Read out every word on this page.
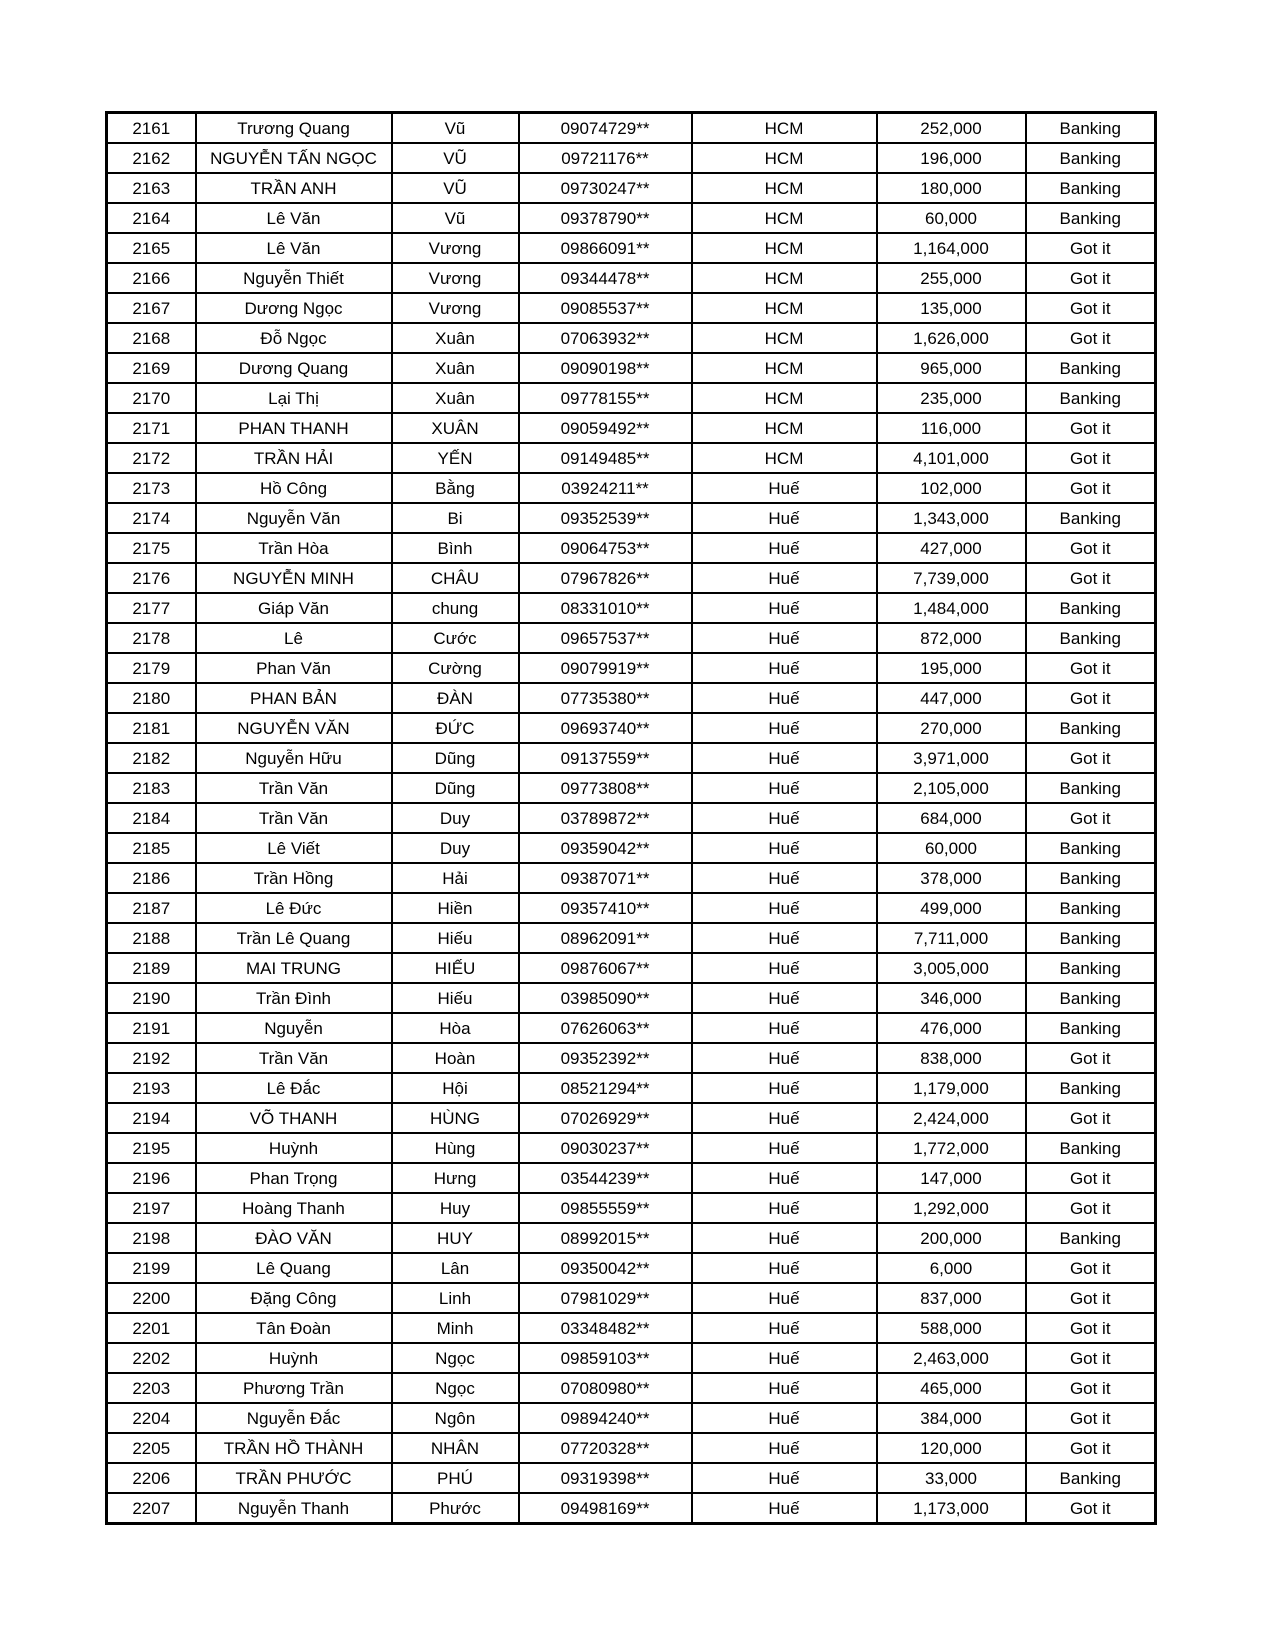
2161	Trương Quang	Vũ	09074729**	HCM	252,000	Banking
2162	NGUYỄN TẤN NGỌC	VŨ	09721176**	HCM	196,000	Banking
2163	TRẦN ANH	VŨ	09730247**	HCM	180,000	Banking
2164	Lê Văn	Vũ	09378790**	HCM	60,000	Banking
2165	Lê Văn	Vương	09866091**	HCM	1,164,000	Got it
2166	Nguyễn Thiết	Vương	09344478**	HCM	255,000	Got it
2167	Dương Ngọc	Vương	09085537**	HCM	135,000	Got it
2168	Đỗ Ngọc	Xuân	07063932**	HCM	1,626,000	Got it
2169	Dương Quang	Xuân	09090198**	HCM	965,000	Banking
2170	Lại Thị	Xuân	09778155**	HCM	235,000	Banking
2171	PHAN THANH	XUÂN	09059492**	HCM	116,000	Got it
2172	TRẦN HẢI	YẾN	09149485**	HCM	4,101,000	Got it
2173	Hồ Công	Bằng	03924211**	Huế	102,000	Got it
2174	Nguyễn Văn	Bi	09352539**	Huế	1,343,000	Banking
2175	Trần Hòa	Bình	09064753**	Huế	427,000	Got it
2176	NGUYỄN MINH	CHÂU	07967826**	Huế	7,739,000	Got it
2177	Giáp Văn	chung	08331010**	Huế	1,484,000	Banking
2178	Lê	Cước	09657537**	Huế	872,000	Banking
2179	Phan Văn	Cường	09079919**	Huế	195,000	Got it
2180	PHAN BẢN	ĐÀN	07735380**	Huế	447,000	Got it
2181	NGUYỄN VĂN	ĐỨC	09693740**	Huế	270,000	Banking
2182	Nguyễn Hữu	Dũng	09137559**	Huế	3,971,000	Got it
2183	Trần Văn	Dũng	09773808**	Huế	2,105,000	Banking
2184	Trần Văn	Duy	03789872**	Huế	684,000	Got it
2185	Lê Viết	Duy	09359042**	Huế	60,000	Banking
2186	Trần Hồng	Hải	09387071**	Huế	378,000	Banking
2187	Lê Đức	Hiền	09357410**	Huế	499,000	Banking
2188	Trần Lê Quang	Hiếu	08962091**	Huế	7,711,000	Banking
2189	MAI TRUNG	HIẾU	09876067**	Huế	3,005,000	Banking
2190	Trần Đình	Hiếu	03985090**	Huế	346,000	Banking
2191	Nguyễn	Hòa	07626063**	Huế	476,000	Banking
2192	Trần Văn	Hoàn	09352392**	Huế	838,000	Got it
2193	Lê Đắc	Hội	08521294**	Huế	1,179,000	Banking
2194	VÕ THANH	HÙNG	07026929**	Huế	2,424,000	Got it
2195	Huỳnh	Hùng	09030237**	Huế	1,772,000	Banking
2196	Phan Trọng	Hưng	03544239**	Huế	147,000	Got it
2197	Hoàng Thanh	Huy	09855559**	Huế	1,292,000	Got it
2198	ĐÀO VĂN	HUY	08992015**	Huế	200,000	Banking
2199	Lê Quang	Lân	09350042**	Huế	6,000	Got it
2200	Đặng Công	Linh	07981029**	Huế	837,000	Got it
2201	Tân Đoàn	Minh	03348482**	Huế	588,000	Got it
2202	Huỳnh	Ngọc	09859103**	Huế	2,463,000	Got it
2203	Phương Trần	Ngọc	07080980**	Huế	465,000	Got it
2204	Nguyễn Đắc	Ngôn	09894240**	Huế	384,000	Got it
2205	TRẦN HỒ THÀNH	NHÂN	07720328**	Huế	120,000	Got it
2206	TRẦN PHƯỚC	PHÚ	09319398**	Huế	33,000	Banking
2207	Nguyễn Thanh	Phước	09498169**	Huế	1,173,000	Got it
